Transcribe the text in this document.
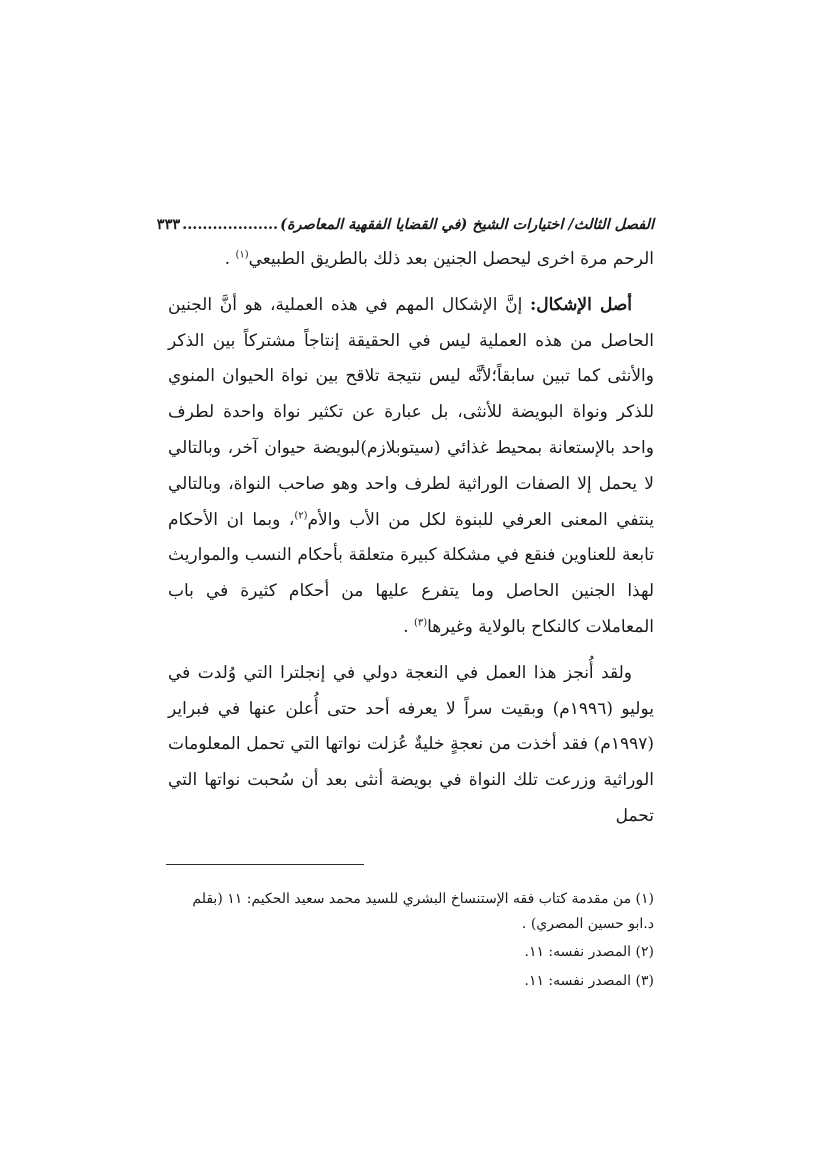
الفصل الثالث/ اختيارات الشيخ (في القضايا الفقهية المعاصرة)
...................
٣٣٣

الرحم مرة اخرى ليحصل الجنين بعد ذلك بالطريق الطبيعي$^{(١)}$ .

أصل الإشكال: إنَّ الإشكال المهم في هذه العملية، هو أنَّ الجنين الحاصل من هذه العملية ليس في الحقيقة إنتاجاً مشتركاً بين الذكر والأنثى كما تبين سابقاً؛لأنَّه ليس نتيجة تلاقح بين نواة الحيوان المنوي للذكر ونواة البويضة للأنثى، بل عبارة عن تكثير نواة واحدة لطرف واحد بالإستعانة بمحيط غذائي (سيتوبلازم)لبويضة حيوان آخر، وبالتالي لا يحمل إلا الصفات الوراثية لطرف واحد وهو صاحب النواة، وبالتالي ينتفي المعنى العرفي للبنوة لكل من الأب والأم$^{(٢)}$، وبما ان الأحكام تابعة للعناوين فنقع في مشكلة كبيرة متعلقة بأحكام النسب والمواريث لهذا الجنين الحاصل وما يتفرع عليها من أحكام كثيرة في باب المعاملات كالنكاح بالولاية وغيرها$^{(٣)}$ .

ولقد أُنجز هذا العمل في النعجة دولي في إنجلترا التي وُلدت في يوليو (١٩٩٦م) وبقيت سراً لا يعرفه أحد حتى أُعلن عنها في فبراير (١٩٩٧م) فقد أخذت من نعجةٍ خليةٌ عُزلت نواتها التي تحمل المعلومات الوراثية وزرعت تلك النواة في بويضة أنثى بعد أن سُحبت نواتها التي تحمل

(١) من مقدمة كتاب فقه الإستنساخ البشري للسيد محمد سعيد الحكيم: ١١ (بقلم د.ابو حسين المصري) .

(٢) المصدر نفسه: ١١.

(٣) المصدر نفسه: ١١.
